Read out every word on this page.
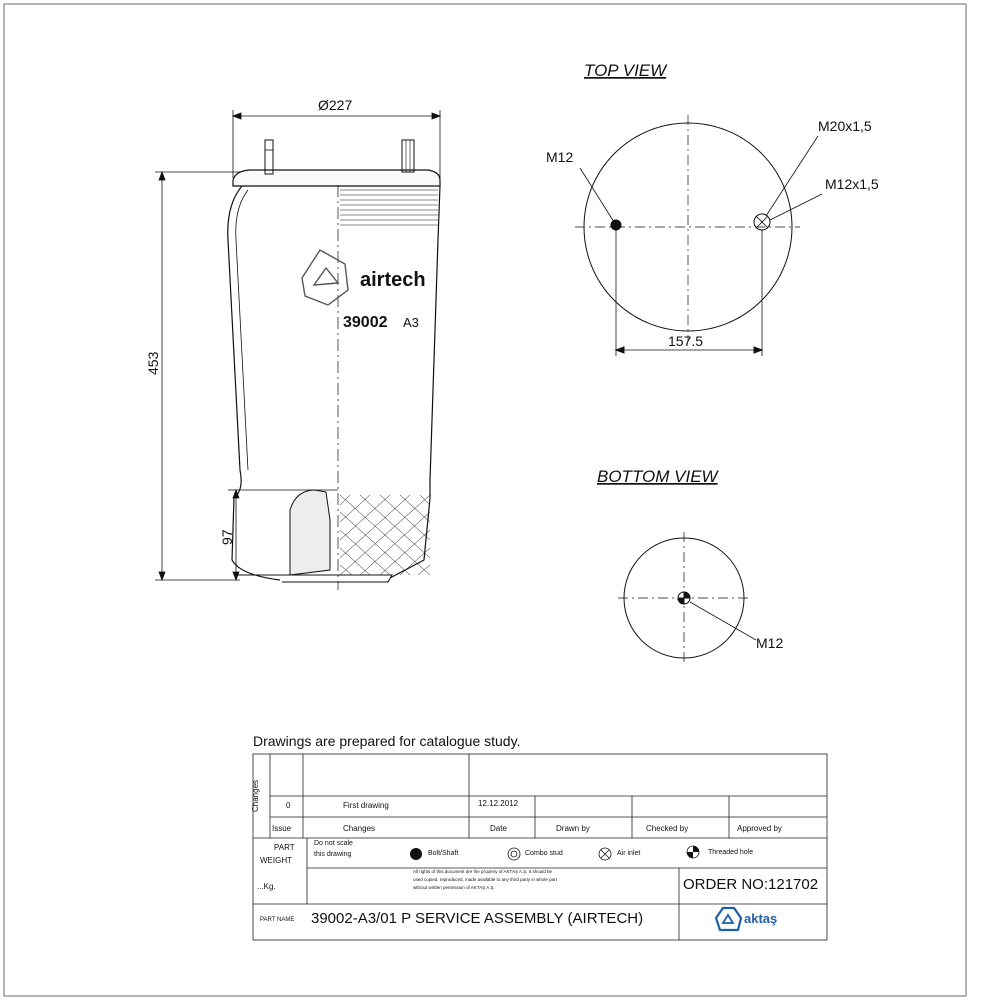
airtech
39002 A3
Ø227
453
97
TOP VIEW
M12
M20x1,5
M12x1,5
157.5
BOTTOM VIEW
M12
Drawings are prepared for catalogue study.
Changes	0	First drawing	12.12.2012
Issue	Changes	Date	Drawn by	Checked by	Approved by
PART
WEIGHT
...Kg.
Do not scale
this drawing	Bolt/Shaft	Combo stud	Air inlet	Threaded hole
All rights of this document are the property of AKTAŞ A.Ş. It should be
used copied, reproduced, made available to any third party in whole part
without written permission of AKTAŞ A.Ş.	ORDER NO:121702
PART NAME 39002-A3/01 P SERVICE ASSEMBLY (AIRTECH)	aktaş
